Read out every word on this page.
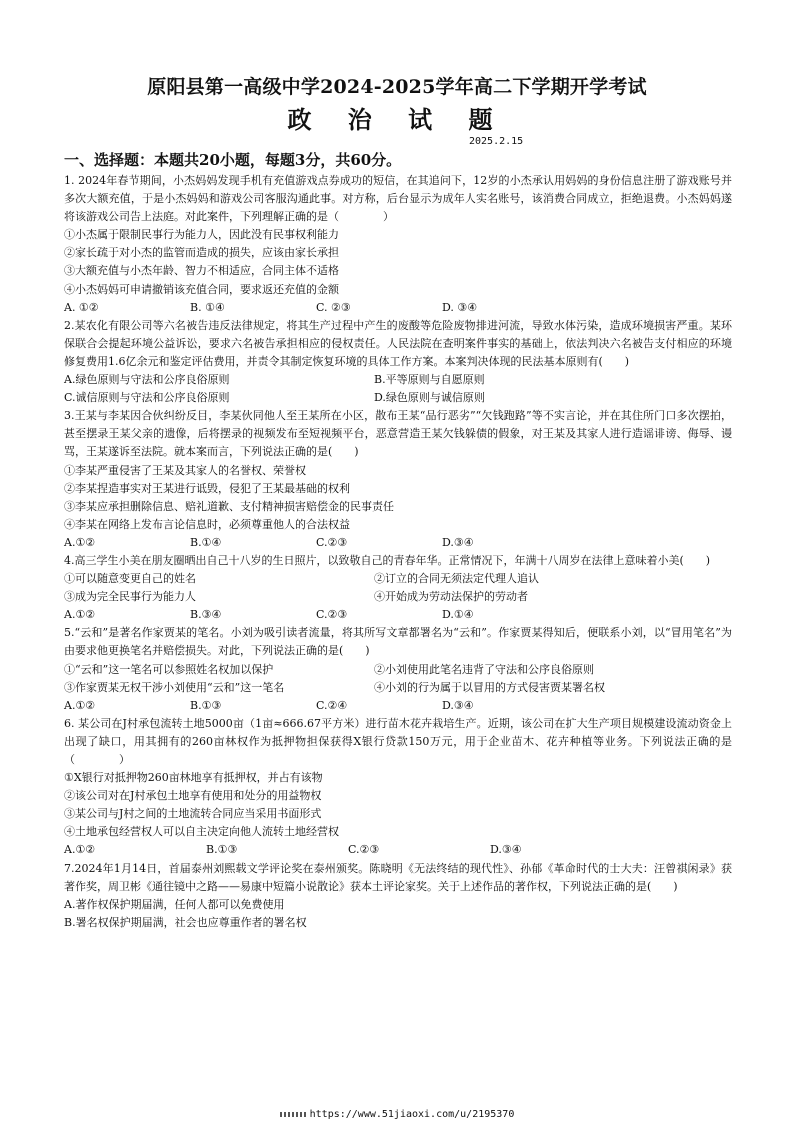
原阳县第一高级中学2024-2025学年高二下学期开学考试
政 治 试 题
2025.2.15
一、选择题：本题共20小题，每题3分，共60分。

1. 2024年春节期间，小杰妈妈发现手机有充值游戏点券成功的短信，在其追问下，12岁的小杰承认用妈妈的身份信息注册了游戏账号并多次大额充值，于是小杰妈妈和游戏公司客服沟通此事。对方称，后台显示为成年人实名账号，该消费合同成立，拒绝退费。小杰妈妈遂将该游戏公司告上法庭。对此案件，下列理解正确的是（　　　　）

①小杰属于限制民事行为能力人，因此没有民事权利能力
②家长疏于对小杰的监管而造成的损失，应该由家长承担
③大额充值与小杰年龄、智力不相适应，合同主体不适格
④小杰妈妈可申请撤销该充值合同，要求返还充值的金额
A. ①②	B. ①④	C. ②③	D. ③④

2.某农化有限公司等六名被告违反法律规定，将其生产过程中产生的废酸等危险废物排进河流，导致水体污染，造成环境损害严重。某环保联合会提起环境公益诉讼，要求六名被告承担相应的侵权责任。人民法院在查明案件事实的基础上，依法判决六名被告支付相应的环境修复费用1.6亿余元和鉴定评估费用，并责令其制定恢复环境的具体工作方案。本案判决体现的民法基本原则有(　　)

A.绿色原则与守法和公序良俗原则	B.平等原则与自愿原则
C.诚信原则与守法和公序良俗原则	D.绿色原则与诚信原则

3.王某与李某因合伙纠纷反目，李某伙同他人至王某所在小区，散布王某“品行恶劣”“欠钱跑路”等不实言论，并在其住所门口多次摆拍，甚至摆录王某父亲的遗像，后将摆录的视频发布至短视频平台，恶意营造王某欠钱躲债的假象，对王某及其家人进行造谣诽谤、侮辱、谩骂，王某遂诉至法院。就本案而言，下列说法正确的是(　　)

①李某严重侵害了王某及其家人的名誉权、荣誉权
②李某捏造事实对王某进行诋毁，侵犯了王某最基础的权利
③李某应承担删除信息、赔礼道歉、支付精神损害赔偿金的民事责任
④李某在网络上发布言论信息时，必须尊重他人的合法权益
A.①②	B.①④	C.②③	D.③④

4.高三学生小美在朋友圈晒出自己十八岁的生日照片，以致敬自己的青春年华。正常情况下，年满十八周岁在法律上意味着小美(　　)

①可以随意变更自己的姓名	②订立的合同无须法定代理人追认
③成为完全民事行为能力人	④开始成为劳动法保护的劳动者
A.①②	B.③④	C.②③	D.①④

5.“云和”是著名作家贾某的笔名。小刘为吸引读者流量，将其所写文章都署名为“云和”。作家贾某得知后，便联系小刘，以“冒用笔名”为由要求他更换笔名并赔偿损失。对此，下列说法正确的是(　　)

①“云和”这一笔名可以参照姓名权加以保护	②小刘使用此笔名违背了守法和公序良俗原则
③作家贾某无权干涉小刘使用“云和”这一笔名	④小刘的行为属于以冒用的方式侵害贾某署名权
A.①②	B.①③	C.②④	D.③④

6. 某公司在J村承包流转土地5000亩（1亩≈666.67平方米）进行苗木花卉栽培生产。近期，该公司在扩大生产项目规模建设流动资金上出现了缺口，用其拥有的260亩林权作为抵押物担保获得X银行贷款150万元，用于企业苗木、花卉种植等业务。下列说法正确的是（　　　　）

①X银行对抵押物260亩林地享有抵押权，并占有该物
②该公司对在J村承包土地享有使用和处分的用益物权
③某公司与J村之间的土地流转合同应当采用书面形式
④土地承包经营权人可以自主决定向他人流转土地经营权
A.①②	B.①③	C.②③	D.③④

7.2024年1月14日，首届泰州刘熙载文学评论奖在泰州颁奖。陈晓明《无法终结的现代性》、孙郁《革命时代的士大夫：汪曾祺闲录》获著作奖，周卫彬《通往镜中之路——易康中短篇小说散论》获本土评论家奖。关于上述作品的著作权，下列说法正确的是(　　)

A.著作权保护期届满，任何人都可以免费使用
B.署名权保护期届满，社会也应尊重作者的署名权
https://www.51jiaoxi.com/u/2195370
